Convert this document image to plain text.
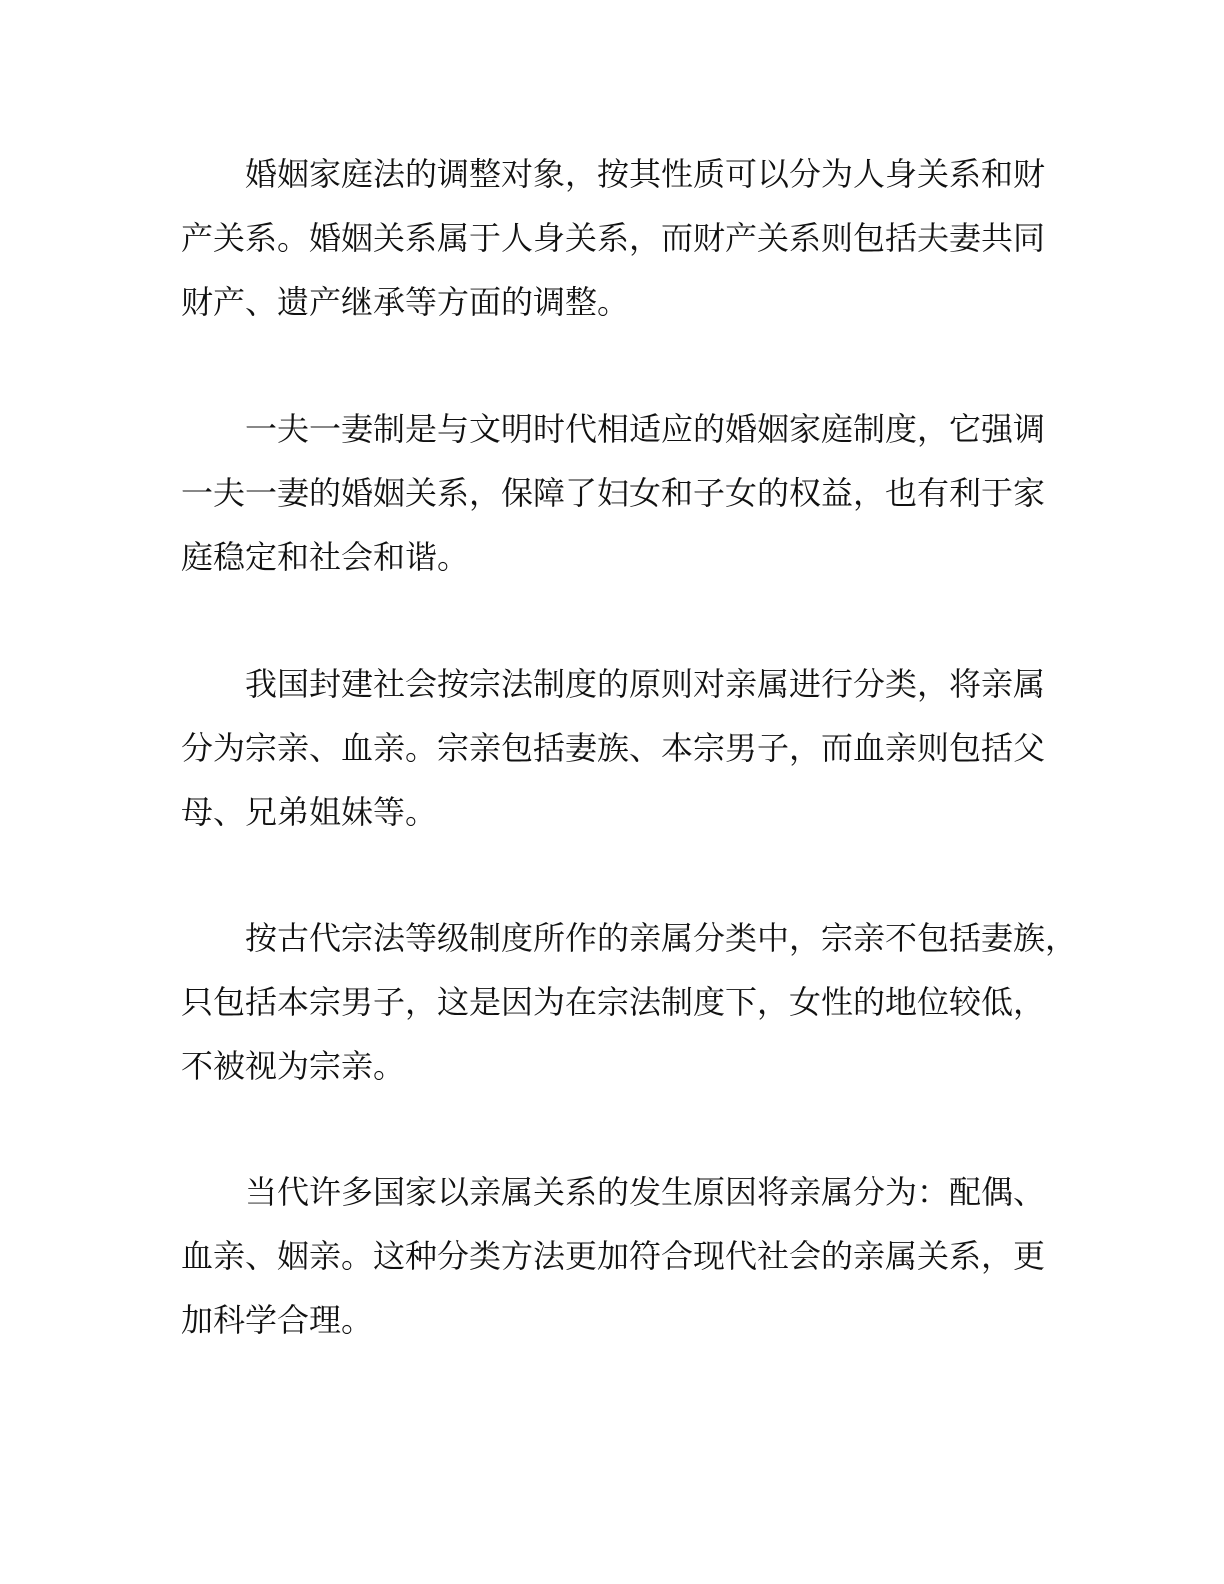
婚姻家庭法的调整对象，按其性质可以分为人身关系和财
产关系。婚姻关系属于人身关系，而财产关系则包括夫妻共同
财产、遗产继承等方面的调整。

一夫一妻制是与文明时代相适应的婚姻家庭制度，它强调
一夫一妻的婚姻关系，保障了妇女和子女的权益，也有利于家
庭稳定和社会和谐。

我国封建社会按宗法制度的原则对亲属进行分类，将亲属
分为宗亲、血亲。宗亲包括妻族、本宗男子，而血亲则包括父
母、兄弟姐妹等。

按古代宗法等级制度所作的亲属分类中，宗亲不包括妻族，
只包括本宗男子，这是因为在宗法制度下，女性的地位较低，
不被视为宗亲。

当代许多国家以亲属关系的发生原因将亲属分为：配偶、
血亲、姻亲。这种分类方法更加符合现代社会的亲属关系，更
加科学合理。
